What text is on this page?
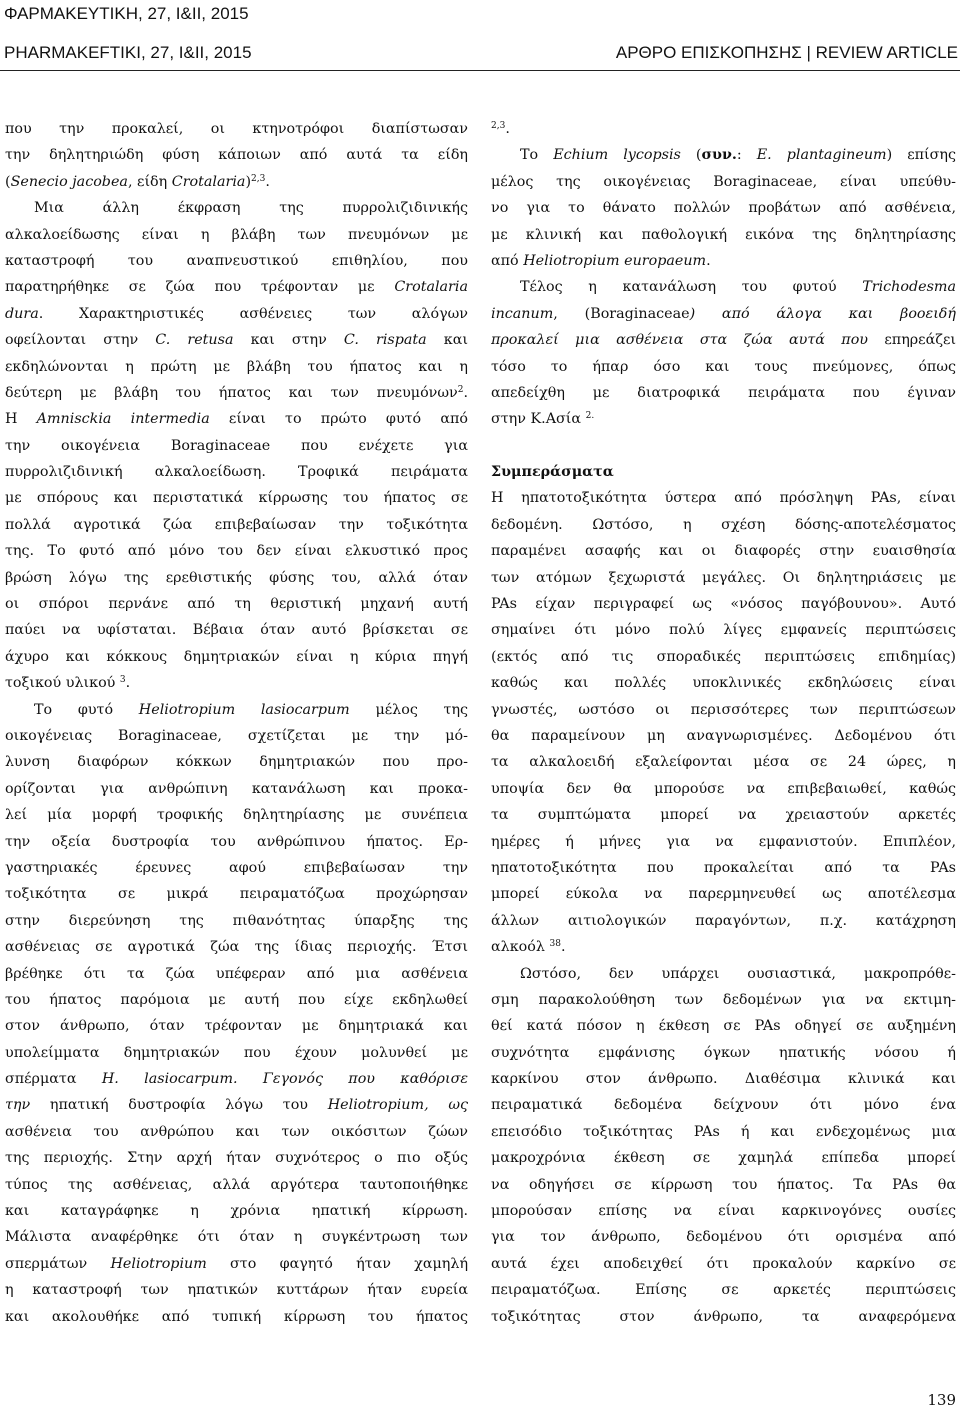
ΦΑΡΜΑΚΕΥΤΙΚΗ, 27, I&II, 2015
PHARMAKEFTIKI, 27, I&II, 2015	ΑΡΘΡΟ ΕΠΙΣΚΟΠΗΣΗΣ | REVIEW ARTICLE
που την προκαλεί, οι κτηνοτρόφοι διαπίστωσαν
την δηλητηριώδη φύση κάποιων από αυτά τα είδη
(Senecio jacobea, είδη Crotalaria)$^{2,3}$.
Μια άλλη έκφραση της πυρρολιζιδινικής
αλκαλοείδωσης είναι η βλάβη των πνευμόνων με
καταστροφή του αναπνευστικού επιθηλίου, που
παρατηρήθηκε σε ζώα που τρέφονταν με Crotalaria
dura. Χαρακτηριστικές ασθένειες των αλόγων
οφείλονται στην C. retusa και στην C. rispata και
εκδηλώνονται η πρώτη με βλάβη του ήπατος και η
δεύτερη με βλάβη του ήπατος και των πνευμόνων$^2$.
Η Amnisckia intermedia είναι το πρώτο φυτό από
την οικογένεια Boraginaceae που ενέχετε για
πυρρολιζιδινική αλκαλοείδωση. Τροφικά πειράματα
με σπόρους και περιστατικά κίρρωσης του ήπατος σε
πολλά αγροτικά ζώα επιβεβαίωσαν την τοξικότητα
της. Το φυτό από μόνο του δεν είναι ελκυστικό προς
βρώση λόγω της ερεθιστικής φύσης του, αλλά όταν
οι σπόροι περνάνε από τη θεριστική μηχανή αυτή
παύει να υφίσταται. Βέβαια όταν αυτό βρίσκεται σε
άχυρο και κόκκους δημητριακών είναι η κύρια πηγή
τοξικού υλικού $^3$.
Το φυτό Heliotropium lasiocarpum μέλος της
οικογένειας Boraginaceae, σχετίζεται με την μό-
λυνση διαφόρων κόκκων δημητριακών που προ-
ορίζονται για ανθρώπινη κατανάλωση και προκα-
λεί μία μορφή τροφικής δηλητηρίασης με συνέπεια
την οξεία δυστροφία του ανθρώπινου ήπατος. Ερ-
γαστηριακές έρευνες αφού επιβεβαίωσαν την
τοξικότητα σε μικρά πειραματόζωα προχώρησαν
στην διερεύνηση της πιθανότητας ύπαρξης της
ασθένειας σε αγροτικά ζώα της ίδιας περιοχής. Έτσι
βρέθηκε ότι τα ζώα υπέφεραν από μια ασθένεια
του ήπατος παρόμοια με αυτή που είχε εκδηλωθεί
στον άνθρωπο, όταν τρέφονταν με δημητριακά και
υπολείμματα δημητριακών που έχουν μολυνθεί με
σπέρματα H. lasiocarpum. Γεγονός που καθόρισε
την ηπατική δυστροφία λόγω του Heliotropium, ως
ασθένεια του ανθρώπου και των οικόσιτων ζώων
της περιοχής. Στην αρχή ήταν συχνότερος ο πιο οξύς
τύπος της ασθένειας, αλλά αργότερα ταυτοποιήθηκε
και καταγράφηκε η χρόνια ηπατική κίρρωση.
Μάλιστα αναφέρθηκε ότι όταν η συγκέντρωση των
σπερμάτων Heliotropium στο φαγητό ήταν χαμηλή
η καταστροφή των ηπατικών κυττάρων ήταν ευρεία
και ακολουθήκε από τυπική κίρρωση του ήπατος
$^{2,3}$.
Το Echium lycopsis (συν.: E. plantagineum) επίσης
μέλος της οικογένειας Boraginaceae, είναι υπεύθυ-
νο για το θάνατο πολλών προβάτων από ασθένεια,
με κλινική και παθολογική εικόνα της δηλητηρίασης
από Heliotropium europaeum.
Τέλος η κατανάλωση του φυτού Trichodesma
incanum, (Boraginaceae) από άλογα και βοοειδή
προκαλεί μια ασθένεια στα ζώα αυτά που επηρεάζει
τόσο το ήπαρ όσο και τους πνεύμονες, όπως
απεδείχθη με διατροφικά πειράματα που έγιναν
στην Κ.Ασία $^{2.}$
Συμπεράσματα
Η ηπατοτοξικότητα ύστερα από πρόσληψη PAs, είναι
δεδομένη. Ωστόσο, η σχέση δόσης-αποτελέσματος
παραμένει ασαφής και οι διαφορές στην ευαισθησία
των ατόμων ξεχωριστά μεγάλες. Οι δηλητηριάσεις με
PAs είχαν περιγραφεί ως «νόσος παγόβουνου». Αυτό
σημαίνει ότι μόνο πολύ λίγες εμφανείς περιπτώσεις
(εκτός από τις σποραδικές περιπτώσεις επιδημίας)
καθώς και πολλές υποκλινικές εκδηλώσεις είναι
γνωστές, ωστόσο οι περισσότερες των περιπτώσεων
θα παραμείνουν μη αναγνωρισμένες. Δεδομένου ότι
τα αλκαλοειδή εξαλείφονται μέσα σε 24 ώρες, η
υποψία δεν θα μπορούσε να επιβεβαιωθεί, καθώς
τα συμπτώματα μπορεί να χρειαστούν αρκετές
ημέρες ή μήνες για να εμφανιστούν. Επιπλέον,
ηπατοτοξικότητα που προκαλείται από τα PAs
μπορεί εύκολα να παρερμηνευθεί ως αποτέλεσμα
άλλων αιτιολογικών παραγόντων, π.χ. κατάχρηση
αλκοόλ $^{38}$.
Ωστόσο, δεν υπάρχει ουσιαστικά, μακροπρόθε-
σμη παρακολούθηση των δεδομένων για να εκτιμη-
θεί κατά πόσον η έκθεση σε PAs οδηγεί σε αυξημένη
συχνότητα εμφάνισης όγκων ηπατικής νόσου ή
καρκίνου στον άνθρωπο. Διαθέσιμα κλινικά και
πειραματικά δεδομένα δείχνουν ότι μόνο ένα
επεισόδιο τοξικότητας PAs ή και ενδεχομένως μια
μακροχρόνια έκθεση σε χαμηλά επίπεδα μπορεί
να οδηγήσει σε κίρρωση του ήπατος. Τα PAs θα
μπορούσαν επίσης να είναι καρκινογόνες ουσίες
για τον άνθρωπο, δεδομένου ότι ορισμένα από
αυτά έχει αποδειχθεί ότι προκαλούν καρκίνο σε
πειραματόζωα. Επίσης σε αρκετές περιπτώσεις
τοξικότητας στον άνθρωπο, τα αναφερόμενα
139
